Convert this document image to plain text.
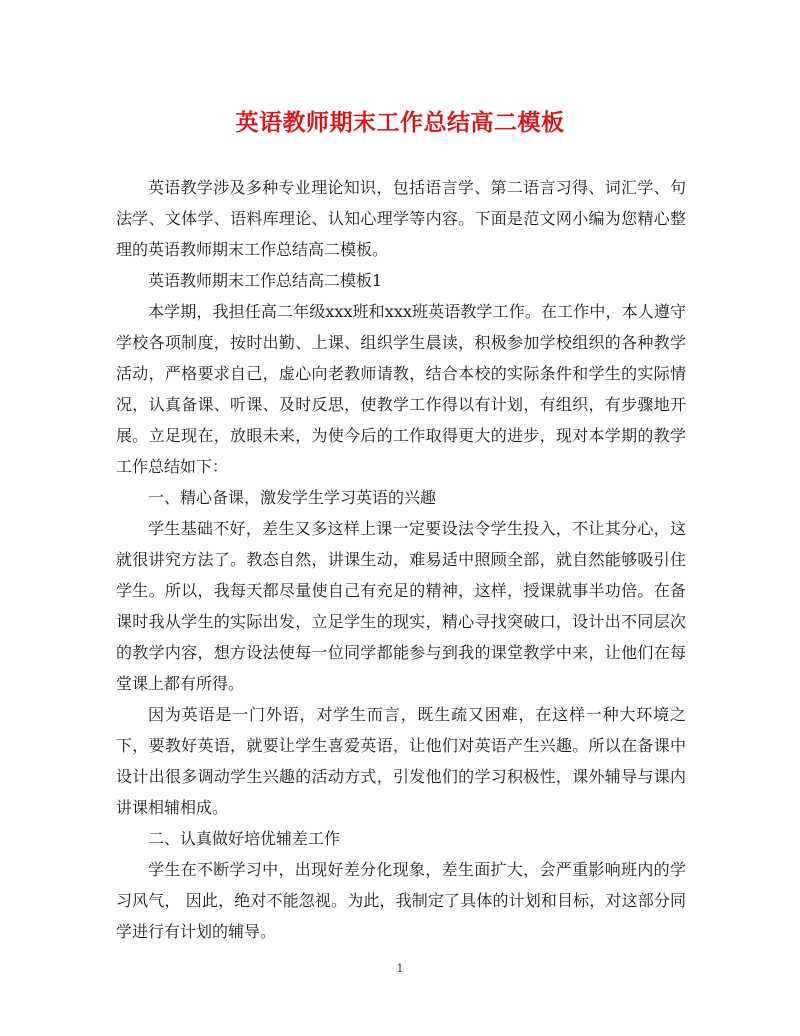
英语教师期末工作总结高二模板

英语教学涉及多种专业理论知识，包括语言学、第二语言习得、词汇学、句法学、文体学、语料库理论、认知心理学等内容。下面是范文网小编为您精心整理的英语教师期末工作总结高二模板。

英语教师期末工作总结高二模板1

本学期，我担任高二年级xxx班和xxx班英语教学工作。在工作中，本人遵守学校各项制度，按时出勤、上课、组织学生晨读，积极参加学校组织的各种教学活动，严格要求自己，虚心向老教师请教，结合本校的实际条件和学生的实际情况，认真备课、听课、及时反思，使教学工作得以有计划，有组织，有步骤地开展。立足现在，放眼未来，为使今后的工作取得更大的进步，现对本学期的教学工作总结如下：

一、精心备课，激发学生学习英语的兴趣

学生基础不好，差生又多这样上课一定要设法令学生投入，不让其分心，这就很讲究方法了。教态自然，讲课生动，难易适中照顾全部，就自然能够吸引住学生。所以，我每天都尽量使自己有充足的精神，这样，授课就事半功倍。在备课时我从学生的实际出发，立足学生的现实，精心寻找突破口，设计出不同层次的教学内容，想方设法使每一位同学都能参与到我的课堂教学中来，让他们在每堂课上都有所得。

因为英语是一门外语，对学生而言，既生疏又困难，在这样一种大环境之下，要教好英语，就要让学生喜爱英语，让他们对英语产生兴趣。所以在备课中设计出很多调动学生兴趣的活动方式，引发他们的学习积极性，课外辅导与课内讲课相辅相成。

二、认真做好培优辅差工作

学生在不断学习中，出现好差分化现象，差生面扩大，会严重影响班内的学习风气， 因此，绝对不能忽视。为此，我制定了具体的计划和目标，对这部分同学进行有计划的辅导。

1
